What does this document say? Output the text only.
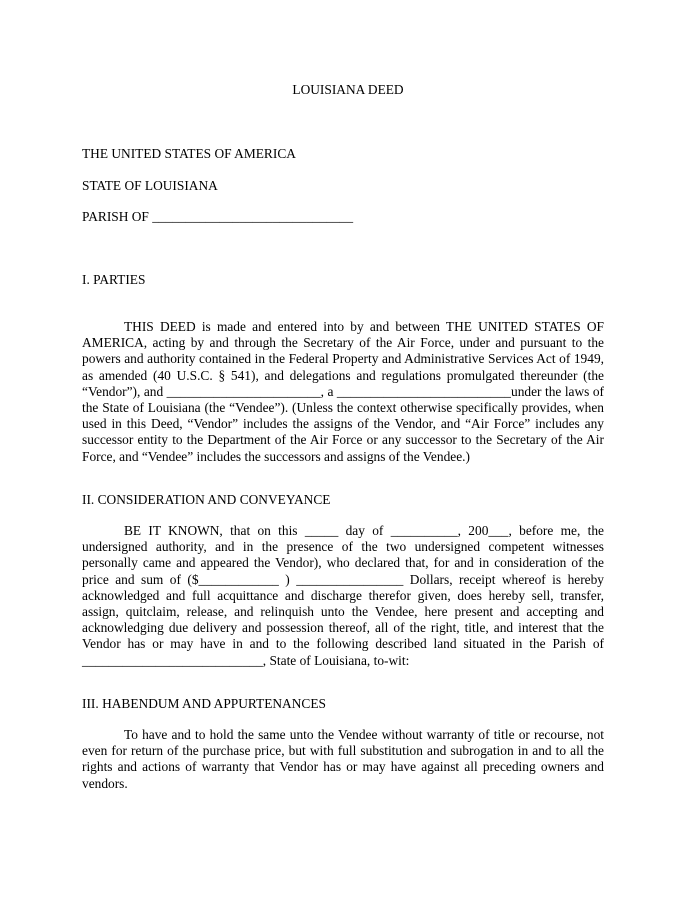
LOUISIANA DEED
THE UNITED STATES OF AMERICA
STATE OF LOUISIANA
PARISH OF ______________________________
I. PARTIES
THIS DEED is made and entered into by and between THE UNITED STATES OF AMERICA, acting by and through the Secretary of the Air Force, under and pursuant to the powers and authority contained in the Federal Property and Administrative Services Act of 1949, as amended (40 U.S.C. § 541), and delegations and regulations promulgated thereunder (the “Vendor”), and _______________________, a __________________________under the laws of the State of Louisiana (the “Vendee”). (Unless the context otherwise specifically provides, when used in this Deed, “Vendor” includes the assigns of the Vendor, and “Air Force” includes any successor entity to the Department of the Air Force or any successor to the Secretary of the Air Force, and “Vendee” includes the successors and assigns of the Vendee.)
II. CONSIDERATION AND CONVEYANCE
BE IT KNOWN, that on this _____ day of __________, 200___, before me, the undersigned authority, and in the presence of the two undersigned competent witnesses personally came and appeared the Vendor), who declared that, for and in consideration of the price and sum of ($____________ ) ________________ Dollars, receipt whereof is hereby acknowledged and full acquittance and discharge therefor given, does hereby sell, transfer, assign, quitclaim, release, and relinquish unto the Vendee, here present and accepting and acknowledging due delivery and possession thereof, all of the right, title, and interest that the Vendor has or may have in and to the following described land situated in the Parish of ___________________________, State of Louisiana, to-wit:
III. HABENDUM AND APPURTENANCES
To have and to hold the same unto the Vendee without warranty of title or recourse, not even for return of the purchase price, but with full substitution and subrogation in and to all the rights and actions of warranty that Vendor has or may have against all preceding owners and vendors.
